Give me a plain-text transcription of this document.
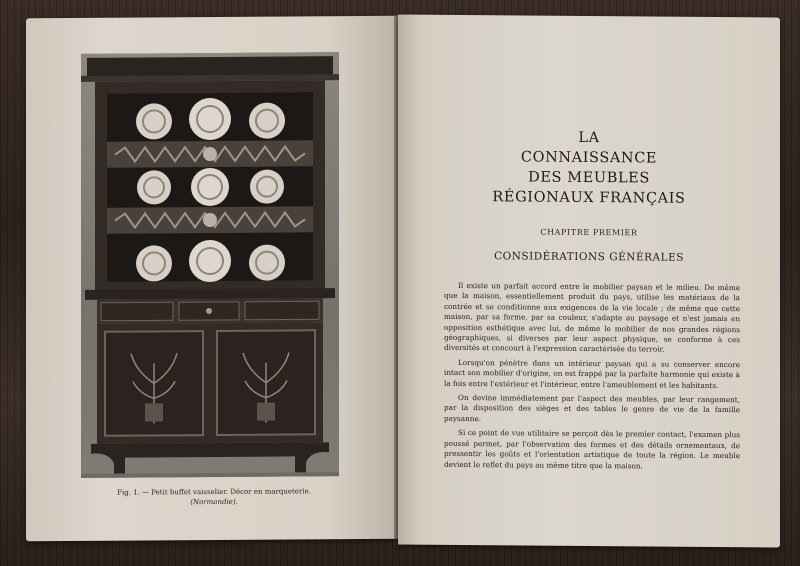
Fig. 1. — Petit buffet vaisselier. Décor en marqueterie.
(Normandie).
LA
CONNAISSANCE
DES MEUBLES
RÉGIONAUX FRANÇAIS
CHAPITRE PREMIER
CONSIDÉRATIONS GÉNÉRALES

Il existe un parfait accord entre le mobilier paysan et le milieu. De même que la maison, essentiellement produit du pays, utilise les matériaux de la contrée et se conditionne aux exigences de la vie locale ; de même que cette maison, par sa forme, par sa couleur, s'adapte au paysage et n'est jamais en opposition esthétique avec lui, de même le mobilier de nos grandes régions géographiques, si diverses par leur aspect physique, se conforme à ces diversités et concourt à l'expression caractérisée du terroir.

Lorsqu'on pénètre dans un intérieur paysan qui a su conserver encore intact son mobilier d'origine, on est frappé par la parfaite harmonie qui existe à la fois entre l'extérieur et l'intérieur, entre l'ameublement et les habitants.

On devine immédiatement par l'aspect des meubles, par leur rangement, par la disposition des sièges et des tables le genre de vie de la famille paysanne.

Si ce point de vue utilitaire se perçoit dès le premier contact, l'examen plus poussé permet, par l'observation des formes et des détails ornementaux, de pressentir les goûts et l'orientation artistique de toute la région. Le meuble devient le reflet du pays au même titre que la maison.
